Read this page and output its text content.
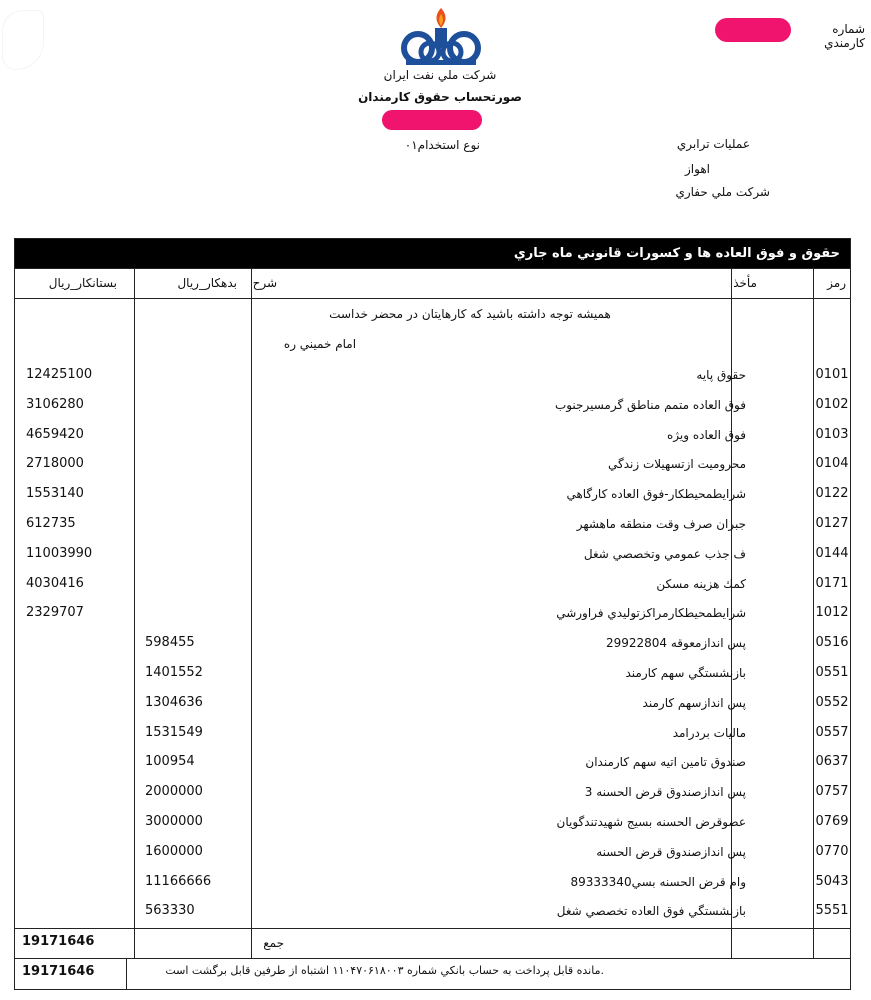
شركت ملي نفت ايران
صورتحساب حقوق كارمندان
نوع استخدام۰۱
شماره كارمندي
عمليات ترابري
اهواز
شركت ملي حفاري
حقوق و فوق العاده ها و كسورات قانوني ماه جاري
رمز
مأخذ
شرح
بدهكار_ريال
بستانكار_ريال
هميشه توجه داشته باشيد كه كارهايتان در محضر خداست
امام خميني ره
0101
حقوق پايه
12425100
0102
فوق العاده متمم مناطق گرمسيرجنوب
3106280
0103
فوق العاده ويژه
4659420
0104
محروميت ازتسهيلات زندگي
2718000
0122
شرايطمحيطكار-فوق العاده كارگاهي
1553140
0127
جبران صرف وقت منطقه ماهشهر
612735
0144
ف جذب عمومي وتخصصي شغل
11003990
0171
كمك هزينه مسكن
4030416
1012
شرايطمحيطكارمراكزتوليدي فراورشي
2329707
0516
پس اندازمعوقه 29922804
598455
0551
بازنشستگي سهم كارمند
1401552
0552
پس اندازسهم كارمند
1304636
0557
ماليات بردرامد
1531549
0637
صندوق تامين اتيه سهم كارمندان
100954
0757
پس اندازصندوق قرض الحسنه 3
2000000
0769
عضوقرض الحسنه بسيج شهيدتندگويان
3000000
0770
پس اندازصندوق قرض الحسنه
1600000
5043
وام قرض الحسنه بسي89333340
11166666
5551
بازنشستگي فوق العاده تخصصي شغل
563330
جمع
19171646
.مانده قابل پرداخت به حساب بانكي شماره ۱۱۰۴۷۰۶۱۸۰۰۳ اشتباه از طرفين قابل برگشت است
19171646
